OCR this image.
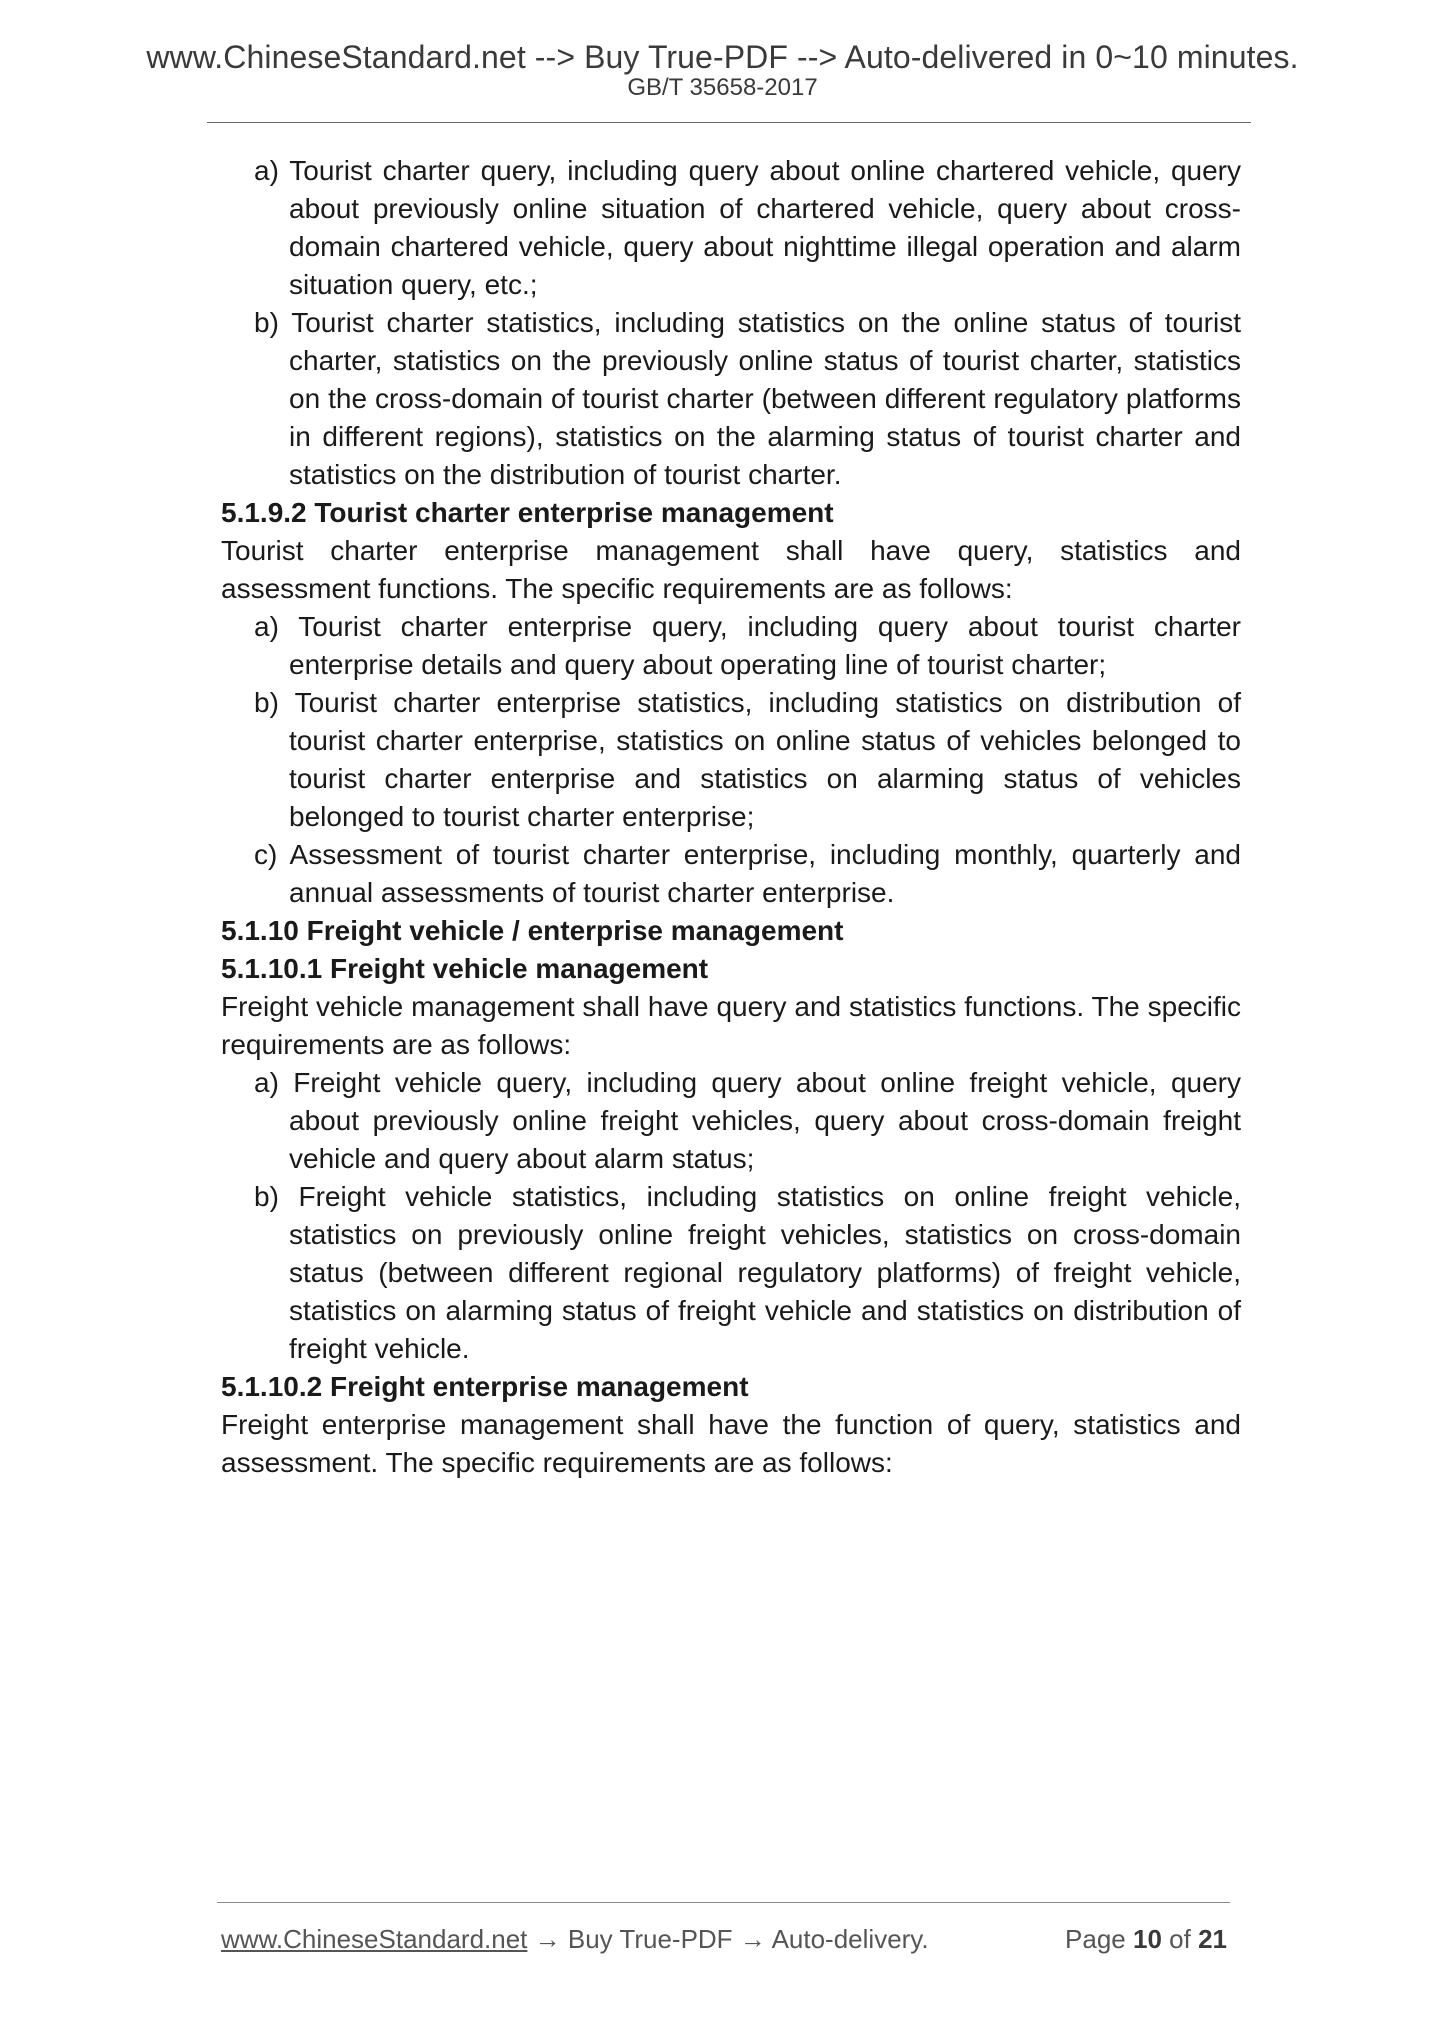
www.ChineseStandard.net --> Buy True-PDF --> Auto-delivered in 0~10 minutes.
GB/T 35658-2017

a) Tourist charter query, including query about online chartered vehicle, query about previously online situation of chartered vehicle, query about cross-domain chartered vehicle, query about nighttime illegal operation and alarm situation query, etc.;

b) Tourist charter statistics, including statistics on the online status of tourist charter, statistics on the previously online status of tourist charter, statistics on the cross-domain of tourist charter (between different regulatory platforms in different regions), statistics on the alarming status of tourist charter and statistics on the distribution of tourist charter.

5.1.9.2 Tourist charter enterprise management

Tourist charter enterprise management shall have query, statistics and assessment functions. The specific requirements are as follows:

a) Tourist charter enterprise query, including query about tourist charter enterprise details and query about operating line of tourist charter;

b) Tourist charter enterprise statistics, including statistics on distribution of tourist charter enterprise, statistics on online status of vehicles belonged to tourist charter enterprise and statistics on alarming status of vehicles belonged to tourist charter enterprise;

c) Assessment of tourist charter enterprise, including monthly, quarterly and annual assessments of tourist charter enterprise.

5.1.10 Freight vehicle / enterprise management

5.1.10.1 Freight vehicle management

Freight vehicle management shall have query and statistics functions. The specific requirements are as follows:

a) Freight vehicle query, including query about online freight vehicle, query about previously online freight vehicles, query about cross-domain freight vehicle and query about alarm status;

b) Freight vehicle statistics, including statistics on online freight vehicle, statistics on previously online freight vehicles, statistics on cross-domain status (between different regional regulatory platforms) of freight vehicle, statistics on alarming status of freight vehicle and statistics on distribution of freight vehicle.

5.1.10.2 Freight enterprise management

Freight enterprise management shall have the function of query, statistics and assessment. The specific requirements are as follows:

www.ChineseStandard.net → Buy True-PDF → Auto-delivery.	Page 10 of 21
